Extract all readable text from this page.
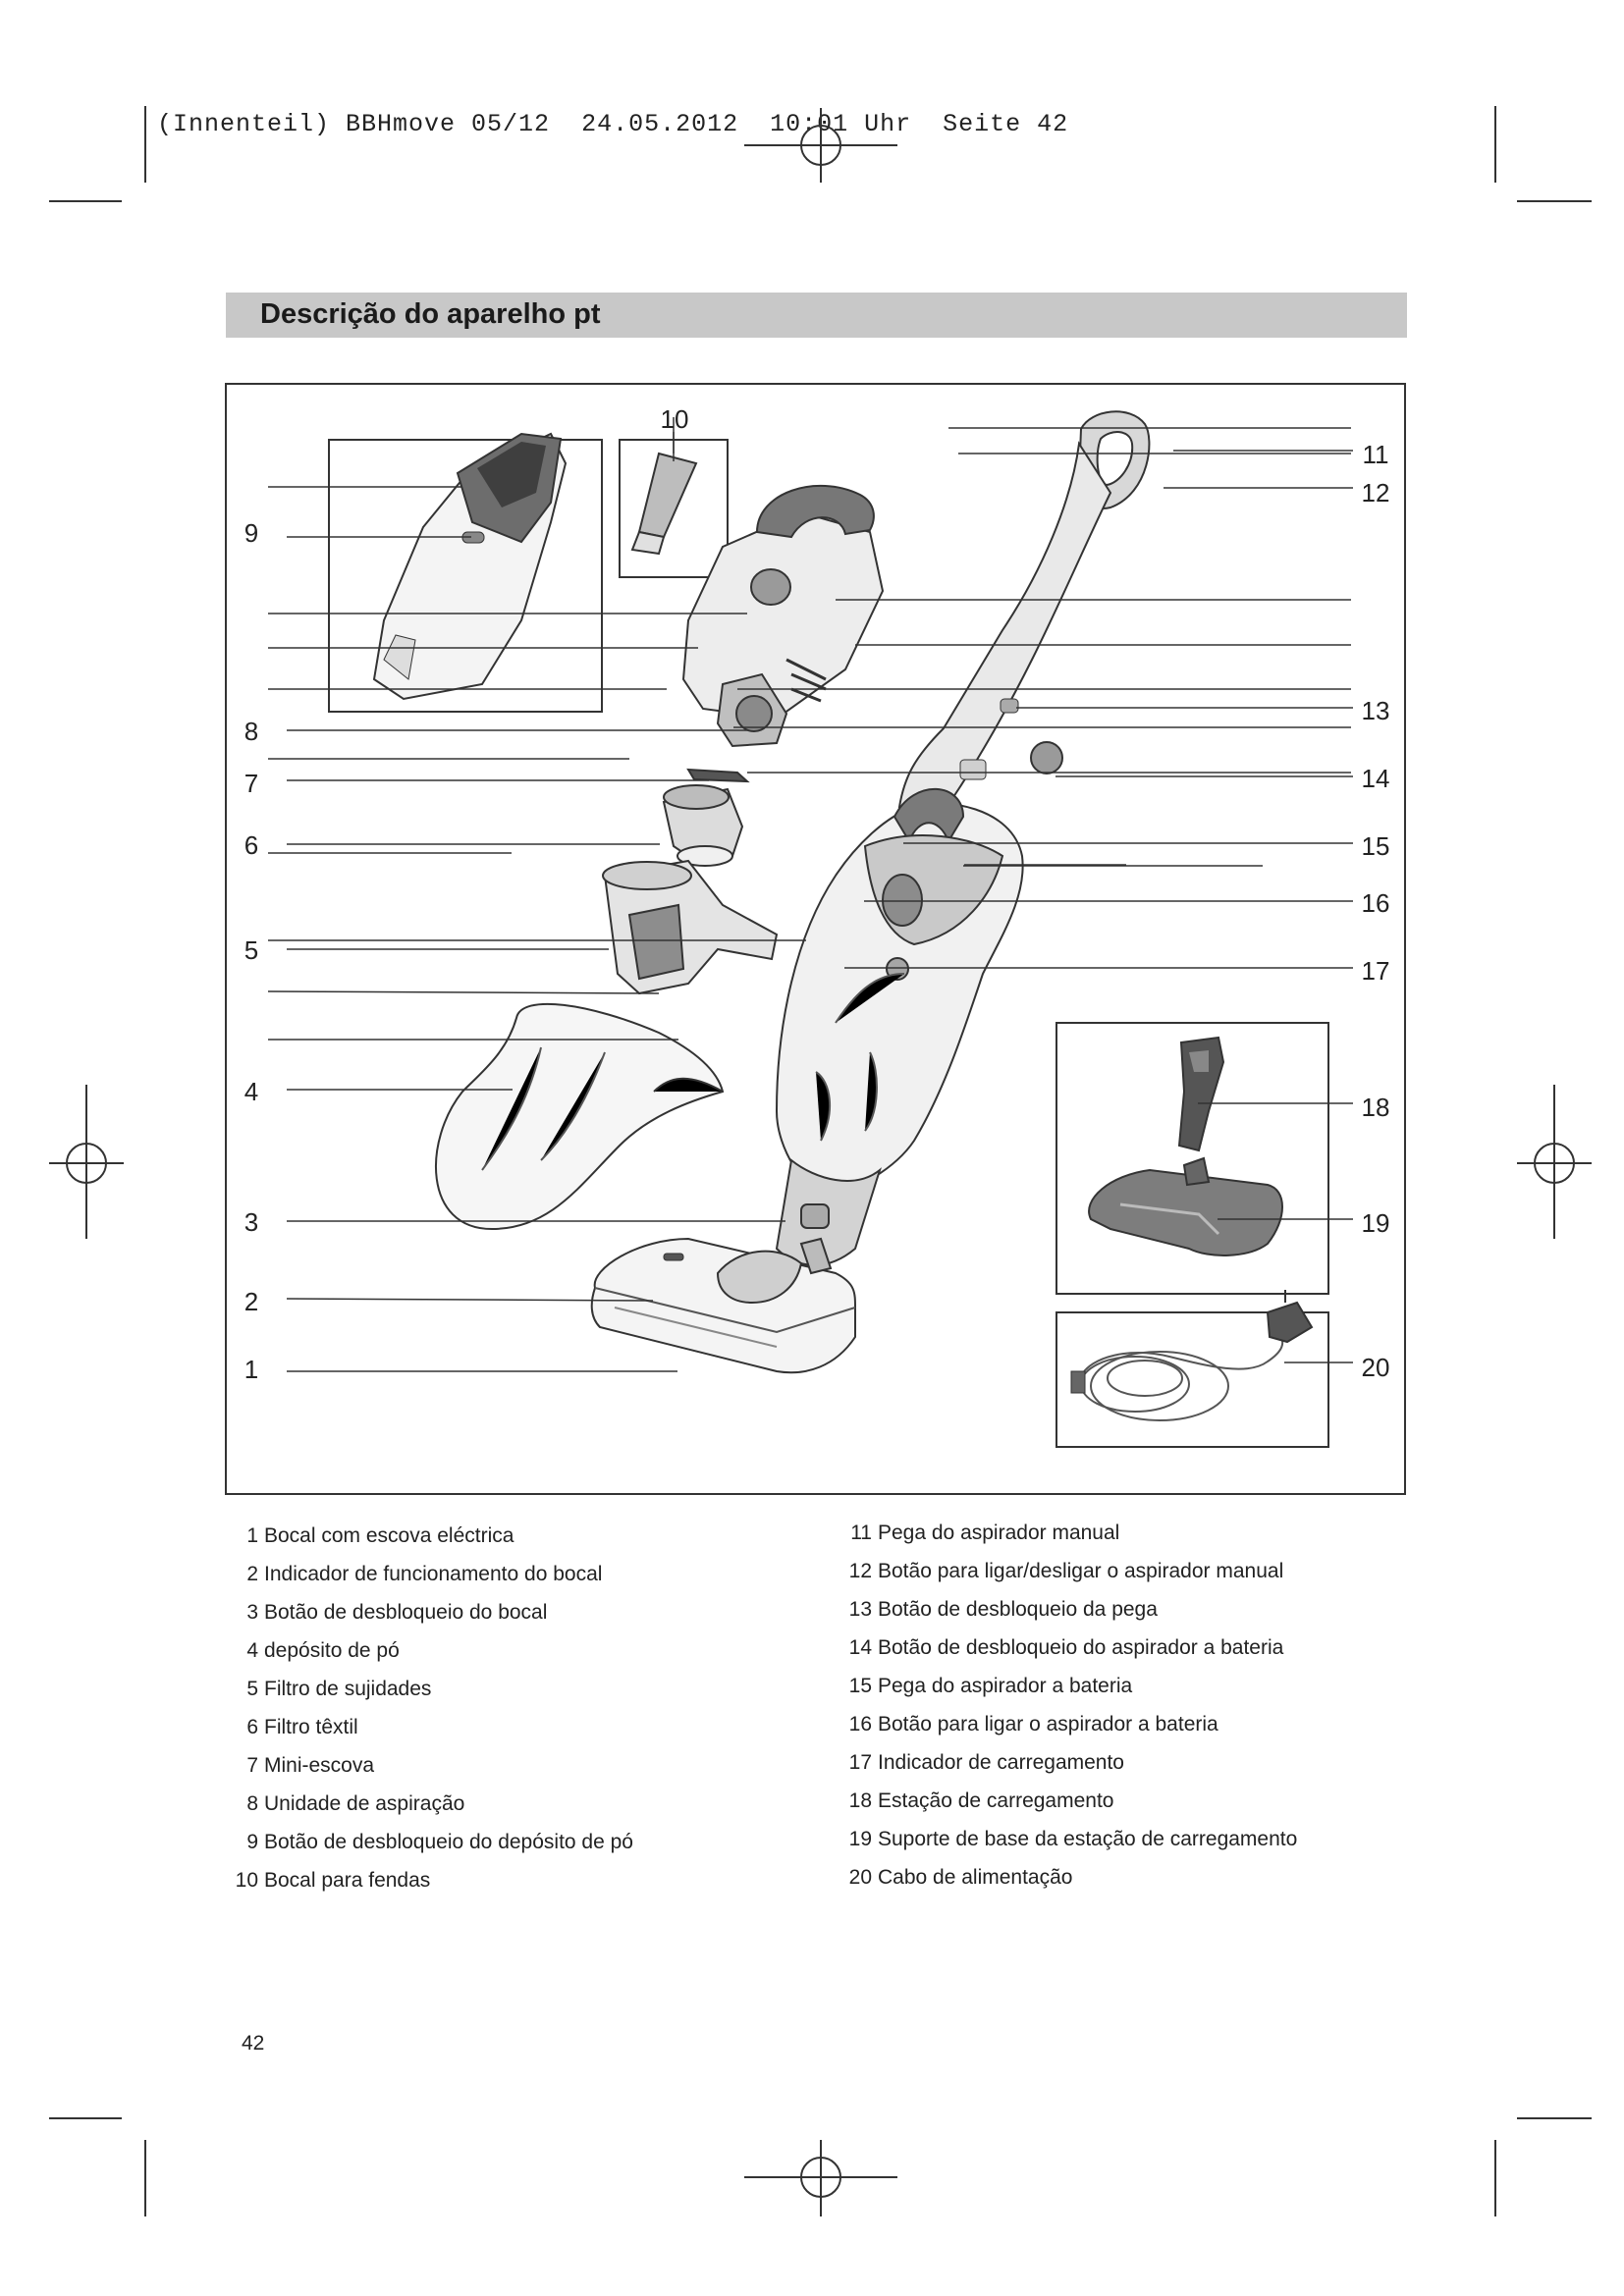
(Innenteil) BBHmove 05/12  24.05.2012  10:01 Uhr  Seite 42
Descrição do aparelho pt
1
2
3
4
5
6
7
8
9
10
11
12
13
14
15
16
17
18
19
20
1 Bocal com escova eléctrica
2 Indicador de funcionamento do bocal
3 Botão de desbloqueio do bocal
4 depósito de pó
5 Filtro de sujidades
6 Filtro têxtil
7 Mini-escova
8 Unidade de aspiração
9 Botão de desbloqueio do depósito de pó
10 Bocal para fendas
11 Pega do aspirador manual
12 Botão para ligar/desligar o aspirador manual
13 Botão de desbloqueio da pega
14 Botão de desbloqueio do aspirador a bateria
15 Pega do aspirador a bateria
16 Botão para ligar o aspirador a bateria
17 Indicador de carregamento
18 Estação de carregamento
19 Suporte de base da estação de carregamento
20 Cabo de alimentação
42
